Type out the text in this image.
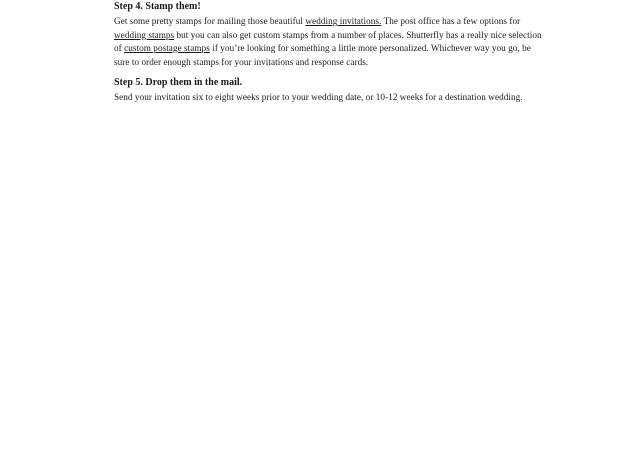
Step 4. Stamp them!

Get some pretty stamps for mailing those beautiful wedding invitations. The post office has a few options for wedding stamps but you can also get custom stamps from a number of places. Shutterfly has a really nice selection of custom postage stamps if you’re looking for something a little more personalized. Whichever way you go, be sure to order enough stamps for your invitations and response cards.

Step 5. Drop them in the mail.

Send your invitation six to eight weeks prior to your wedding date, or 10-12 weeks for a destination wedding.
